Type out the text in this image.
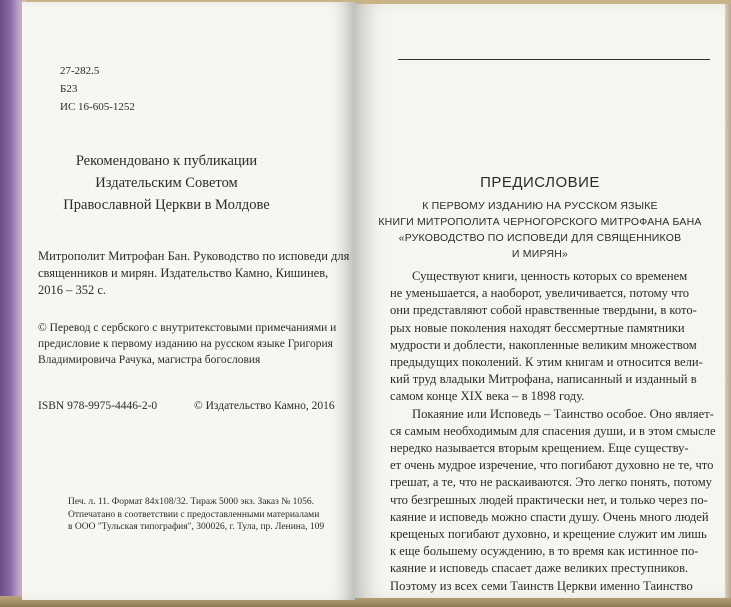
27-282.5
Б23
ИС 16-605-1252
Рекомендовано к публикации
Издательским Советом
Православной Церкви в Молдове
Митрополит Митрофан Бан. Руководство по исповеди для
священников и мирян. Издательство Камно, Кишинев,
2016 – 352 с.
© Перевод с сербского с внутритекстовыми примечаниями и
предисловие к первому изданию на русском языке Григория
Владимировича Рачука, магистра богословия
ISBN 978-9975-4446-2-0	© Издательство Камно, 2016
Печ. л. 11. Формат 84х108/32. Тираж 5000 экз. Заказ № 1056.
Отпечатано в соответствии с предоставленными материалами
в ООО "Тульская типография", 300026, г. Тула, пр. Ленина, 109
ПРЕДИСЛОВИЕ
К ПЕРВОМУ ИЗДАНИЮ НА РУССКОМ ЯЗЫКЕ
КНИГИ МИТРОПОЛИТА ЧЕРНОГОРСКОГО МИТРОФАНА БАНА
«РУКОВОДСТВО ПО ИСПОВЕДИ ДЛЯ СВЯЩЕННИКОВ
И МИРЯН»
Существуют книги, ценность которых со временем
не уменьшается, а наоборот, увеличивается, потому что
они представляют собой нравственные твердыни, в кото-
рых новые поколения находят бессмертные памятники
мудрости и доблести, накопленные великим множеством
предыдущих поколений. К этим книгам и относится вели-
кий труд владыки Митрофана, написанный и изданный в
самом конце XIX века – в 1898 году.
Покаяние или Исповедь – Таинство особое. Оно являет-
ся самым необходимым для спасения души, и в этом смысле
нередко называется вторым крещением. Еще существу-
ет очень мудрое изречение, что погибают духовно не те, что
грешат, а те, что не раскаиваются. Это легко понять, потому
что безгрешных людей практически нет, и только через по-
каяние и исповедь можно спасти душу. Очень много людей
крещеных погибают духовно, и крещение служит им лишь
к еще большему осуждению, в то время как истинное по-
каяние и исповедь спасает даже великих преступников.
Поэтому из всех семи Таинств Церкви именно Таинство
